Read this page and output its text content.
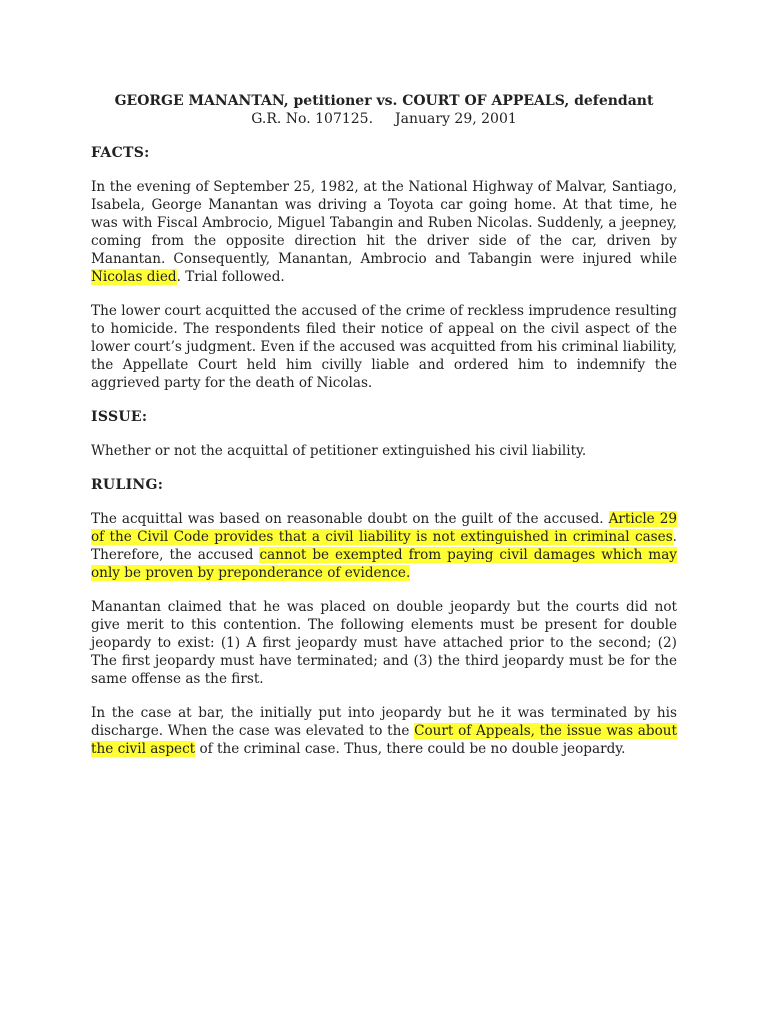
GEORGE MANANTAN, petitioner vs. COURT OF APPEALS, defendant

G.R. No. 107125. January 29, 2001

FACTS:

In the evening of September 25, 1982, at the National Highway of Malvar, Santiago, Isabela, George Manantan was driving a Toyota car going home. At that time, he was with Fiscal Ambrocio, Miguel Tabangin and Ruben Nicolas. Suddenly, a jeepney, coming from the opposite direction hit the driver side of the car, driven by Manantan. Consequently, Manantan, Ambrocio and Tabangin were injured while Nicolas died. Trial followed.

The lower court acquitted the accused of the crime of reckless imprudence resulting to homicide. The respondents filed their notice of appeal on the civil aspect of the lower court’s judgment. Even if the accused was acquitted from his criminal liability, the Appellate Court held him civilly liable and ordered him to indemnify the aggrieved party for the death of Nicolas.

ISSUE:

Whether or not the acquittal of petitioner extinguished his civil liability.

RULING:

The acquittal was based on reasonable doubt on the guilt of the accused. Article 29 of the Civil Code provides that a civil liability is not extinguished in criminal cases. Therefore, the accused cannot be exempted from paying civil damages which may only be proven by preponderance of evidence.

Manantan claimed that he was placed on double jeopardy but the courts did not give merit to this contention. The following elements must be present for double jeopardy to exist: (1) A first jeopardy must have attached prior to the second; (2) The first jeopardy must have terminated; and (3) the third jeopardy must be for the same offense as the first.

In the case at bar, the initially put into jeopardy but he it was terminated by his discharge. When the case was elevated to the Court of Appeals, the issue was about the civil aspect of the criminal case. Thus, there could be no double jeopardy.
